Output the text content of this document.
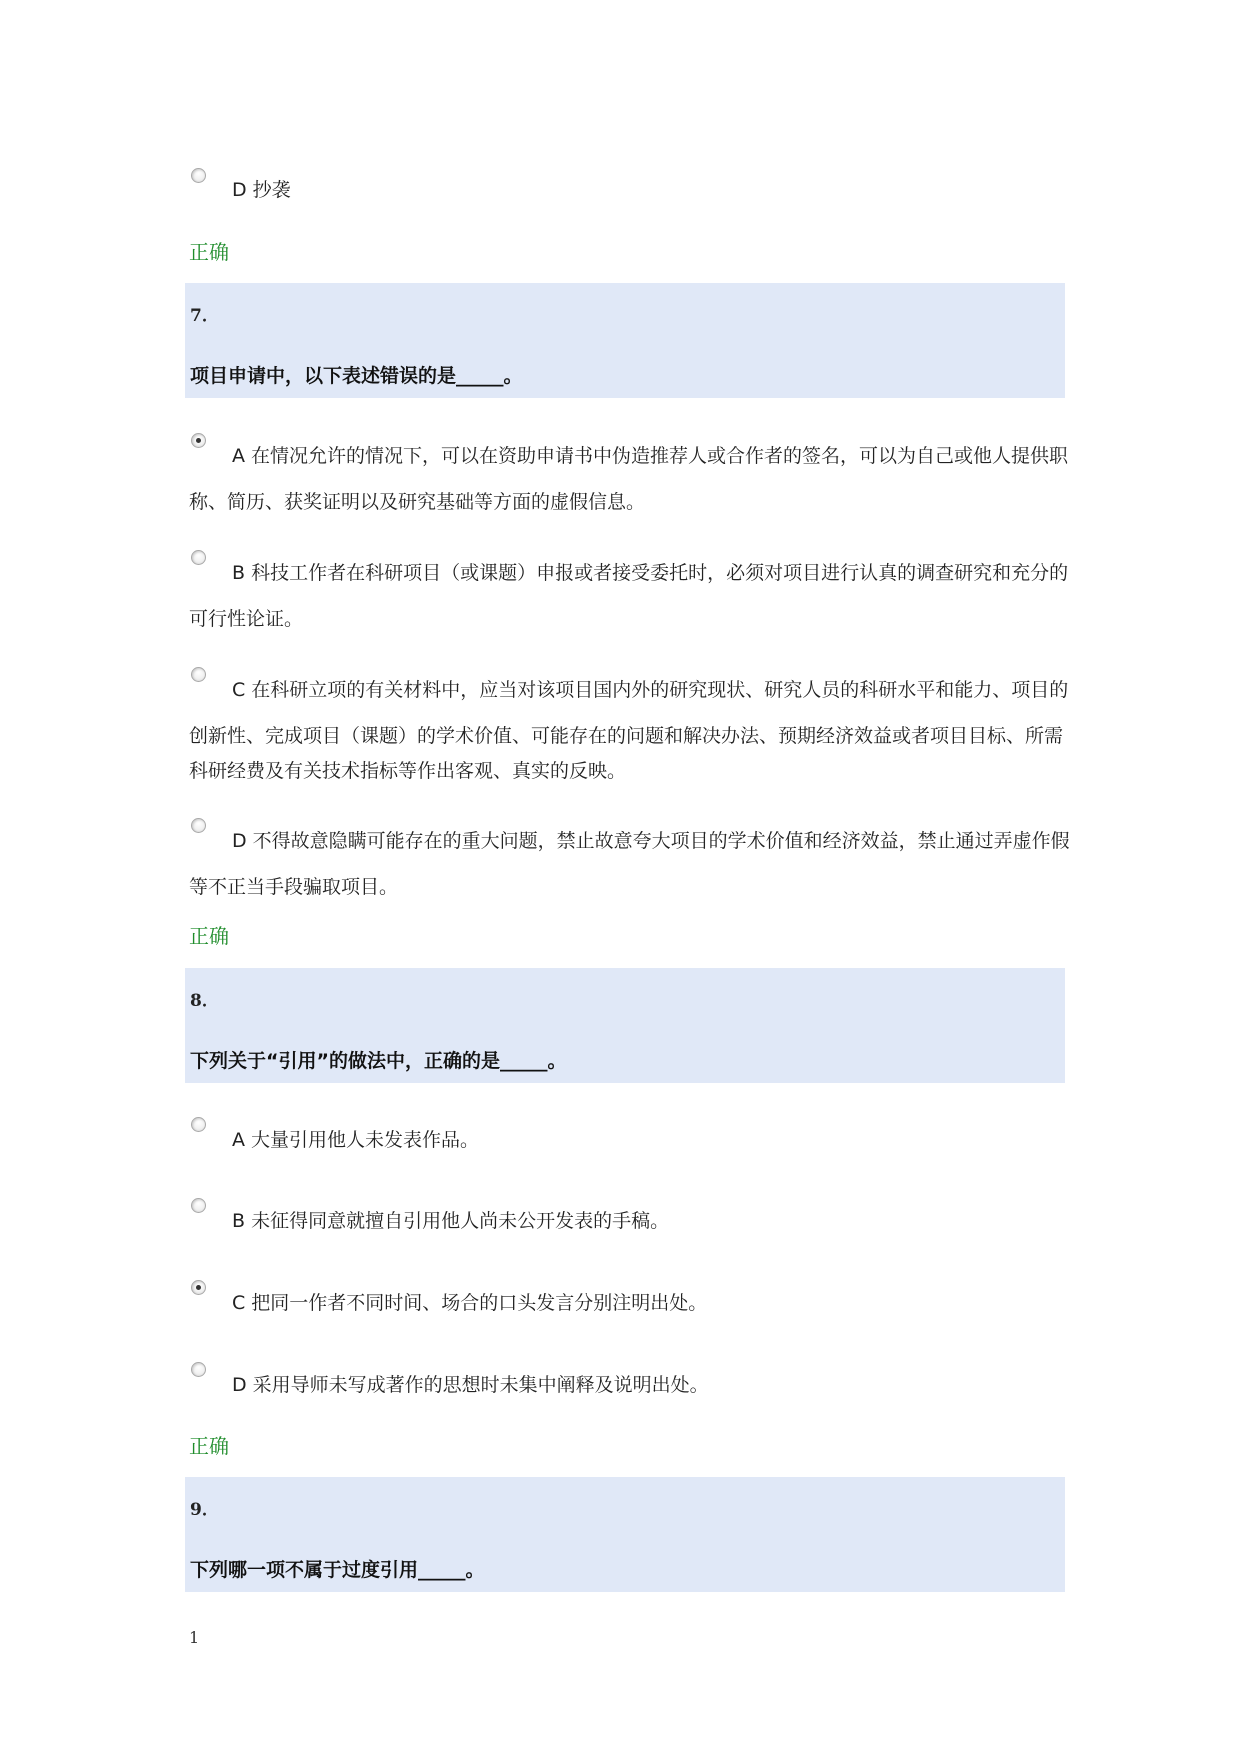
D 抄袭
正确
7．
项目申请中，以下表述错误的是_____。
A 在情况允许的情况下，可以在资助申请书中伪造推荐人或合作者的签名，可以为自己或他人提供职
称、简历、获奖证明以及研究基础等方面的虚假信息。
B 科技工作者在科研项目（或课题）申报或者接受委托时，必须对项目进行认真的调查研究和充分的
可行性论证。
C 在科研立项的有关材料中，应当对该项目国内外的研究现状、研究人员的科研水平和能力、项目的
创新性、完成项目（课题）的学术价值、可能存在的问题和解决办法、预期经济效益或者项目目标、所需
科研经费及有关技术指标等作出客观、真实的反映。
D 不得故意隐瞒可能存在的重大问题，禁止故意夸大项目的学术价值和经济效益，禁止通过弄虚作假
等不正当手段骗取项目。
正确
8．
下列关于“引用”的做法中，正确的是_____。
A 大量引用他人未发表作品。
B 未征得同意就擅自引用他人尚未公开发表的手稿。
C 把同一作者不同时间、场合的口头发言分别注明出处。
D 采用导师未写成著作的思想时未集中阐释及说明出处。
正确
9．
下列哪一项不属于过度引用_____。
1
